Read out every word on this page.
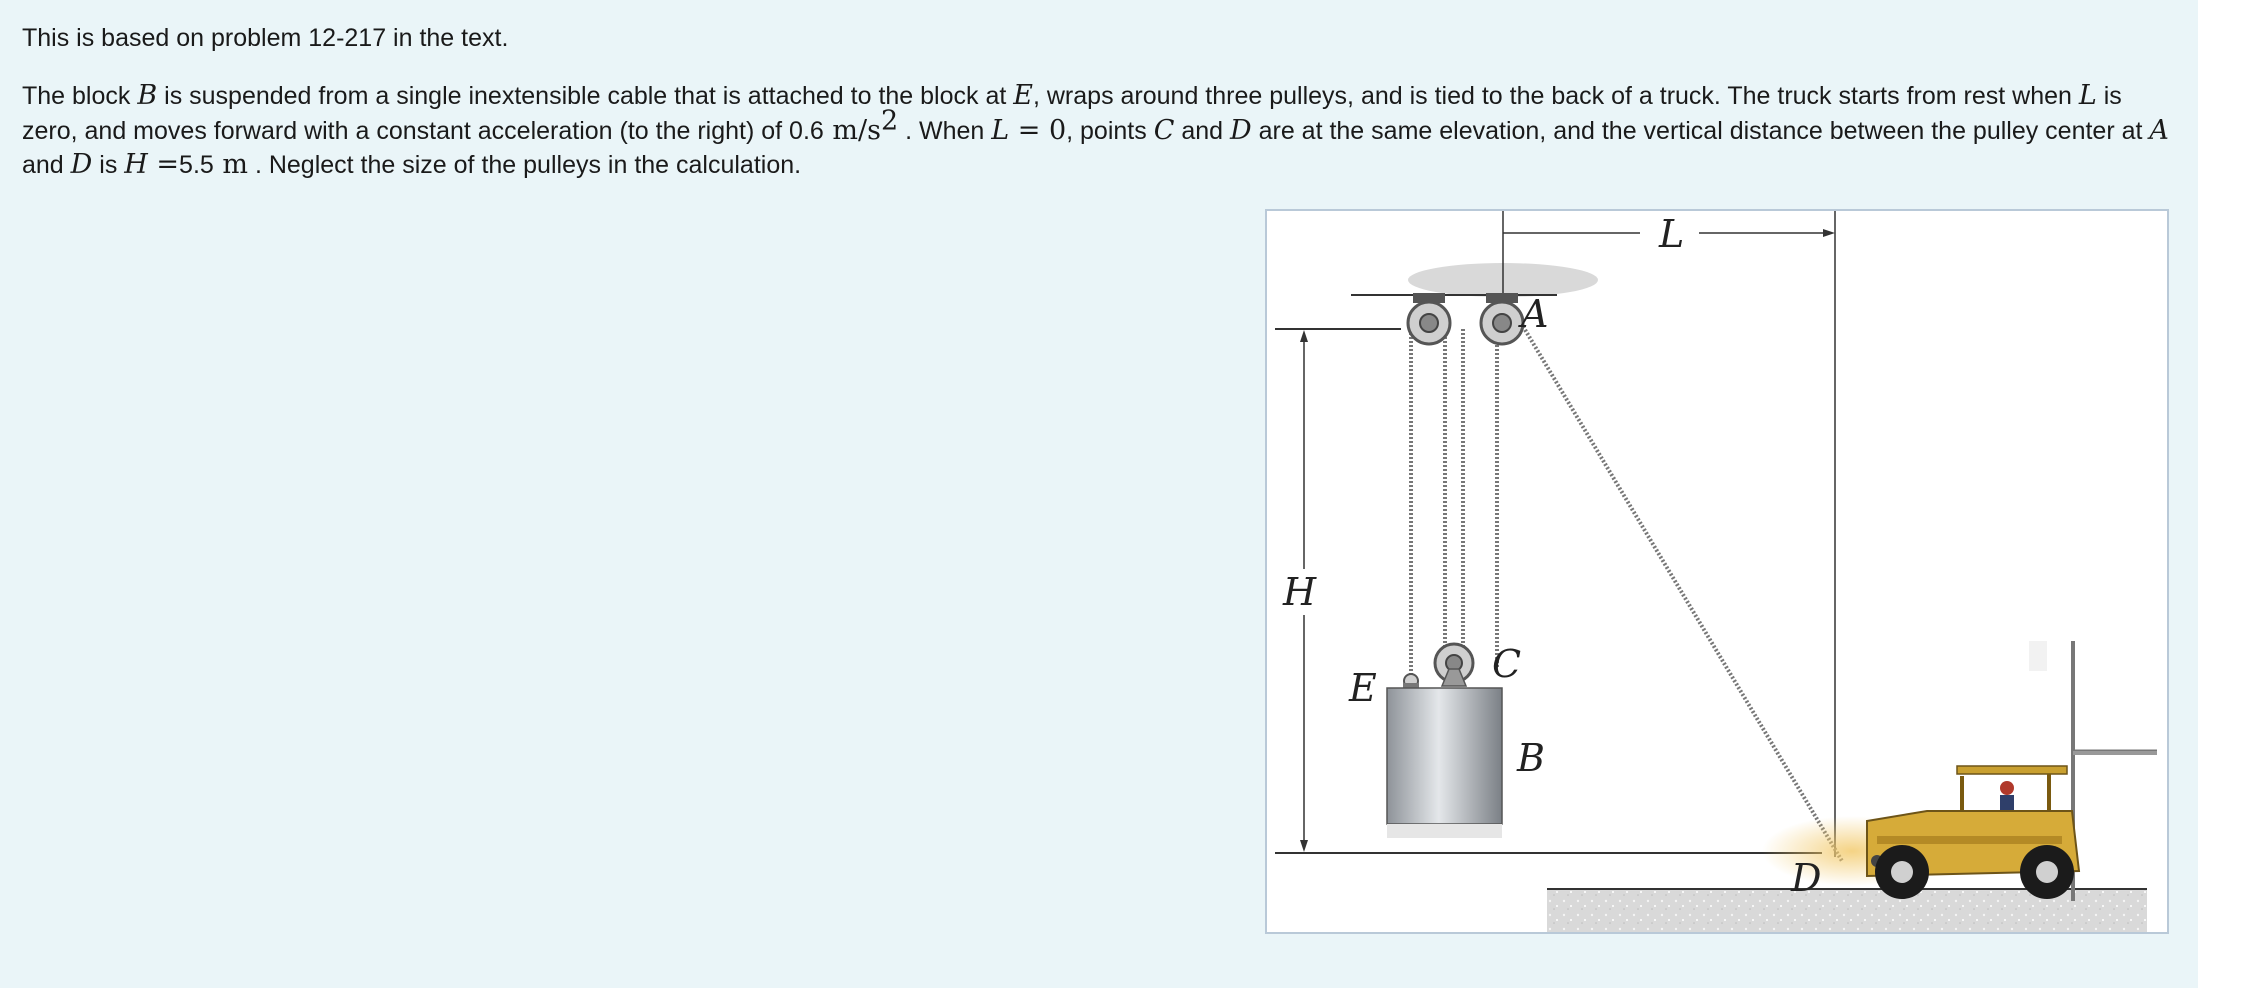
This is based on problem 12-217 in the text.
The block B is suspended from a single inextensible cable that is attached to the block at E, wraps around three pulleys, and is tied to the back of a truck. The truck starts from rest when L is zero, and moves forward with a constant acceleration (to the right) of 0.6 $m/s^2$ . When L = 0, points C and D are at the same elevation, and the vertical distance between the pulley center at A and D is H =5.5 m . Neglect the size of the pulleys in the calculation.
L
H
A
C
E
B
D
